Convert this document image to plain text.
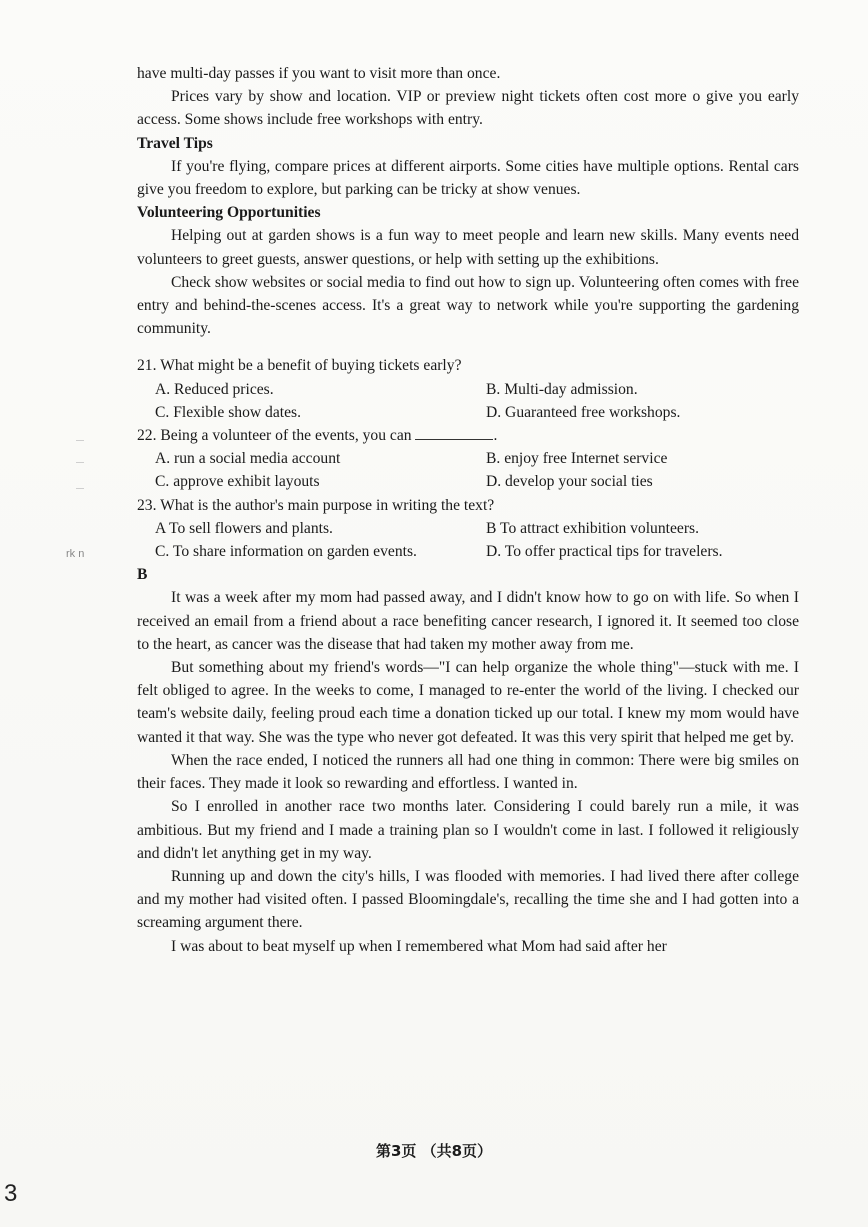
rk n

have multi-day passes if you want to visit more than once.

Prices vary by show and location. VIP or preview night tickets often cost more o give you early access. Some shows include free workshops with entry.

Travel Tips

If you're flying, compare prices at different airports. Some cities have multiple options. Rental cars give you freedom to explore, but parking can be tricky at show venues.

Volunteering Opportunities

Helping out at garden shows is a fun way to meet people and learn new skills. Many events need volunteers to greet guests, answer questions, or help with setting up the exhibitions.

Check show websites or social media to find out how to sign up. Volunteering often comes with free entry and behind-the-scenes access. It's a great way to network while you're supporting the gardening community.

21. What might be a benefit of buying tickets early?

A. Reduced prices.	B. Multi-day admission.
C. Flexible show dates.	D. Guaranteed free workshops.

22. Being a volunteer of the events, you can	.

A. run a social media account	B. enjoy free Internet service
C. approve exhibit layouts	D. develop your social ties

23. What is the author's main purpose in writing the text?

A To sell flowers and plants.	B To attract exhibition volunteers.
C. To share information on garden events.	D. To offer practical tips for travelers.

B

It was a week after my mom had passed away, and I didn't know how to go on with life. So when I received an email from a friend about a race benefiting cancer research, I ignored it. It seemed too close to the heart, as cancer was the disease that had taken my mother away from me.

But something about my friend's words—"I can help organize the whole thing"—stuck with me. I felt obliged to agree. In the weeks to come, I managed to re-enter the world of the living. I checked our team's website daily, feeling proud each time a donation ticked up our total. I knew my mom would have wanted it that way. She was the type who never got defeated. It was this very spirit that helped me get by.

When the race ended, I noticed the runners all had one thing in common: There were big smiles on their faces. They made it look so rewarding and effortless. I wanted in.

So I enrolled in another race two months later. Considering I could barely run a mile, it was ambitious. But my friend and I made a training plan so I wouldn't come in last. I followed it religiously and didn't let anything get in my way.

Running up and down the city's hills, I was flooded with memories. I had lived there after college and my mother had visited often. I passed Bloomingdale's, recalling the time she and I had gotten into a screaming argument there.

I was about to beat myself up when I remembered what Mom had said after her

第3页 （共8页）
3
